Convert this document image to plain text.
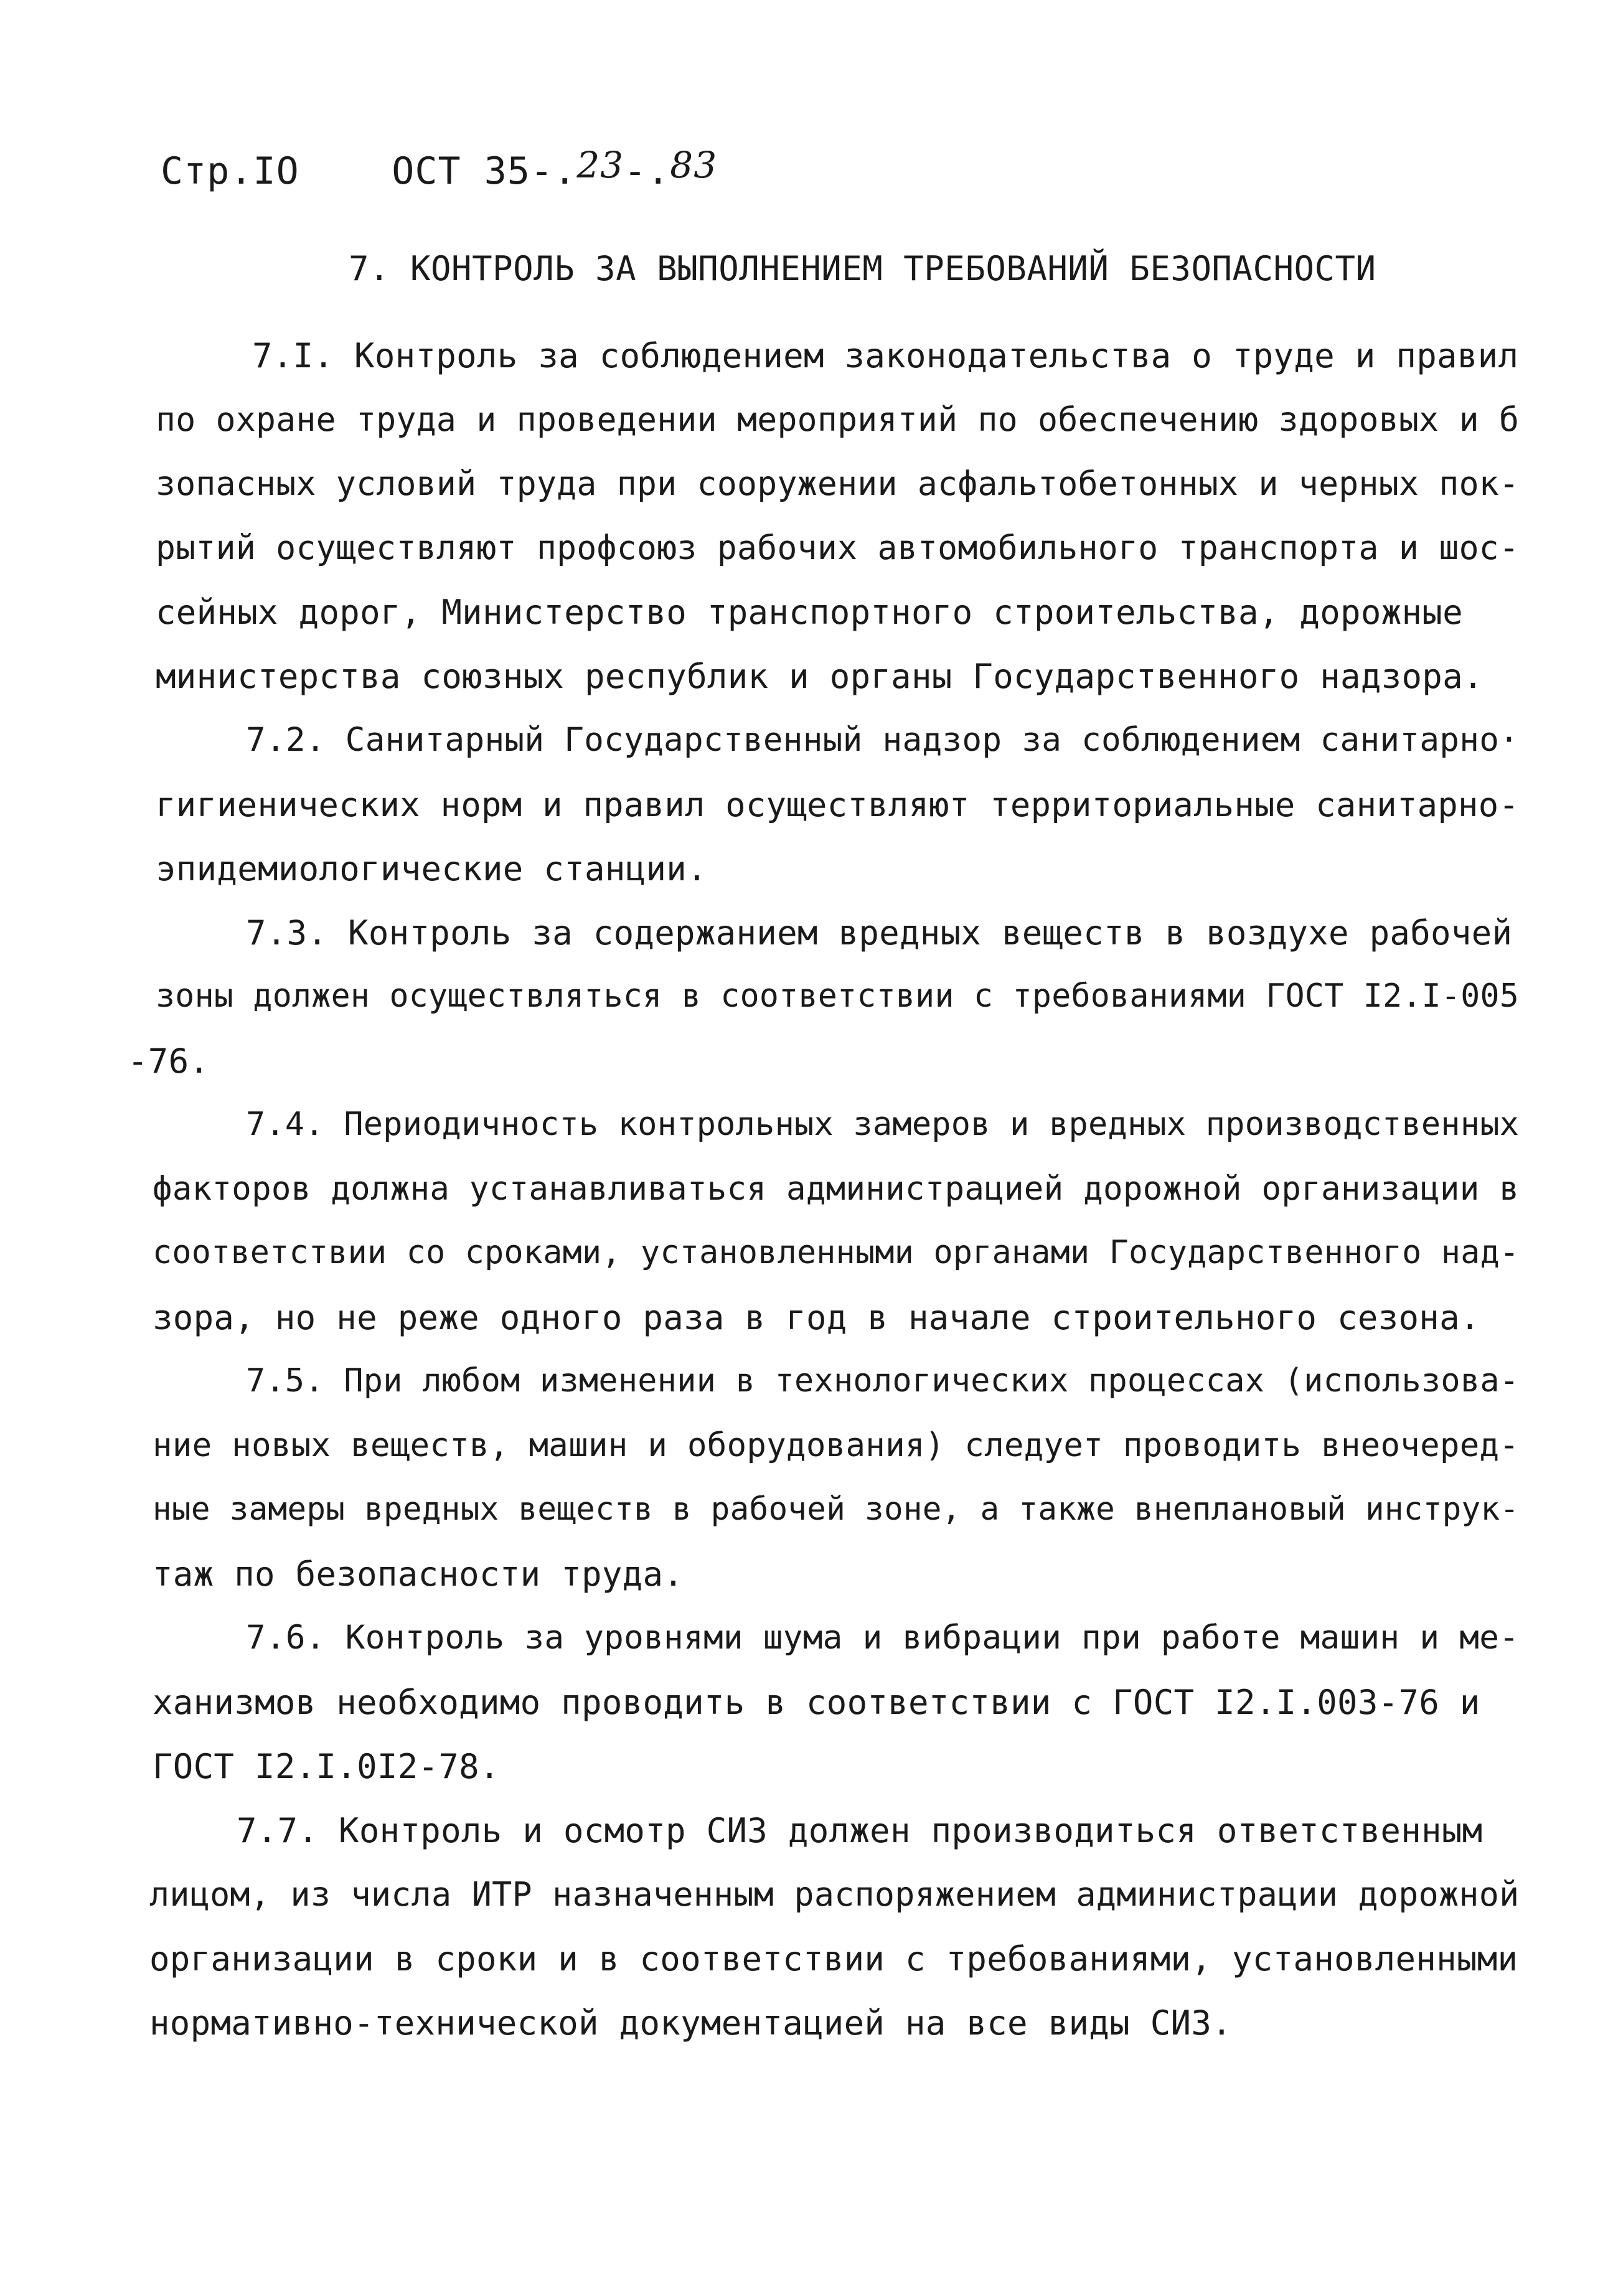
Стр.IO ОСТ 35-.23-.83
7. КОНТРОЛЬ ЗА ВЫПОЛНЕНИЕМ ТРЕБОВАНИЙ БЕЗОПАСНОСТИ
7.I. Контроль за соблюдением законодательства о труде и правил
по охране труда и проведении мероприятий по обеспечению здоровых и б
зопасных условий труда при сооружении асфальтобетонных и черных пок-
рытий осуществляют профсоюз рабочих автомобильного транспорта и шос-
сейных дорог, Министерство транспортного строительства, дорожные
министерства союзных республик и органы Государственного надзора.
7.2. Санитарный Государственный надзор за соблюдением санитарно·
гигиенических норм и правил осуществляют территориальные санитарно-
эпидемиологические станции.
7.3. Контроль за содержанием вредных веществ в воздухе рабочей
зоны должен осуществляться в соответствии с требованиями ГОСТ I2.I-005
-76.
7.4. Периодичность контрольных замеров и вредных производственных
факторов должна устанавливаться администрацией дорожной организации в
соответствии со сроками, установленными органами Государственного над-
зора, но не реже одного раза в год в начале строительного сезона.
7.5. При любом изменении в технологических процессах (использова-
ние новых веществ, машин и оборудования) следует проводить внеочеред-
ные замеры вредных веществ в рабочей зоне, а также внеплановый инструк-
таж по безопасности труда.
7.6. Контроль за уровнями шума и вибрации при работе машин и ме-
ханизмов необходимо проводить в соответствии с ГОСТ I2.I.003-76 и
ГОСТ I2.I.0I2-78.
7.7. Контроль и осмотр СИЗ должен производиться ответственным
лицом, из числа ИТР назначенным распоряжением администрации дорожной
организации в сроки и в соответствии с требованиями, установленными
нормативно-технической документацией на все виды СИЗ.
